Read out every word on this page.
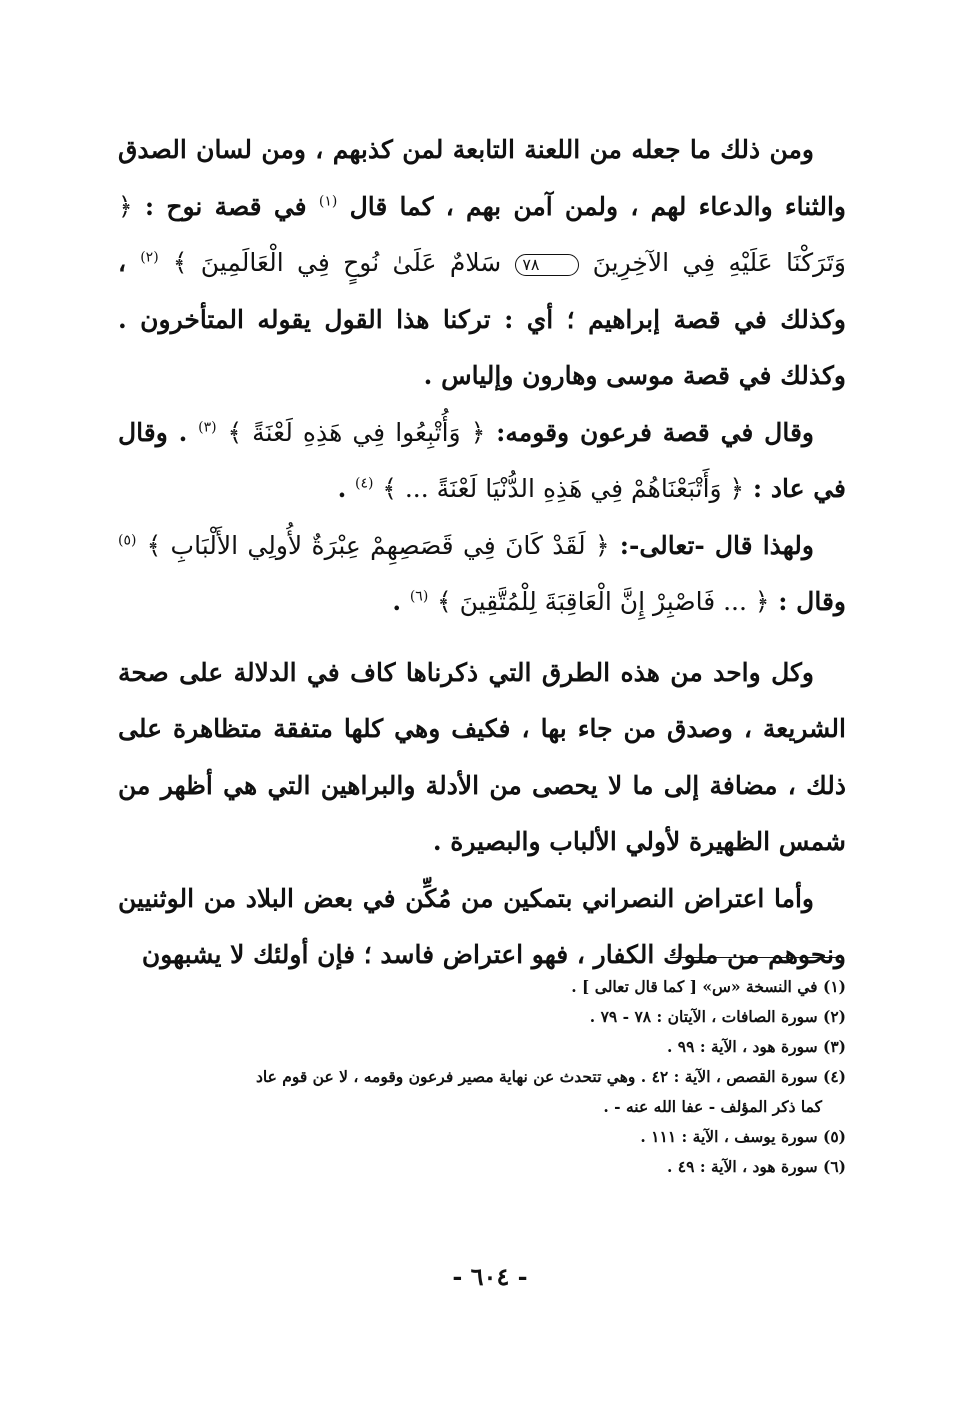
ومن ذلك ما جعله من اللعنة التابعة لمن كذبهم ، ومن لسان الصدق والثناء والدعاء لهم ، ولمن آمن بهم ، كما قال $^{(١)}$ في قصة نوح : ﴿ وَتَرَكْنَا عَلَيْهِ فِي الآخِرِينَ ٧٨ سَلامٌ عَلَىٰ نُوحٍ فِي الْعَالَمِينَ ﴾ $^{(٢)}$ ، وكذلك في قصة إبراهيم ؛ أي : تركنا هذا القول يقوله المتأخرون . وكذلك في قصة موسى وهارون وإلياس .

وقال في قصة فرعون وقومه: ﴿ وَأُتْبِعُوا فِي هَذِهِ لَعْنَةً ﴾ $^{(٣)}$ . وقال في عاد : ﴿ وَأَتْبَعْنَاهُمْ فِي هَذِهِ الدُّنْيَا لَعْنَةً ... ﴾ $^{(٤)}$ .

ولهذا قال -تعالى-: ﴿ لَقَدْ كَانَ فِي قَصَصِهِمْ عِبْرَةٌ لأُولِي الأَلْبَابِ ﴾ $^{(٥)}$ وقال : ﴿ ... فَاصْبِرْ إِنَّ الْعَاقِبَةَ لِلْمُتَّقِينَ ﴾ $^{(٦)}$ .

وكل واحد من هذه الطرق التي ذكرناها كاف في الدلالة على صحة الشريعة ، وصدق من جاء بها ، فكيف وهي كلها متفقة متظاهرة على ذلك ، مضافة إلى ما لا يحصى من الأدلة والبراهين التي هي أظهر من شمس الظهيرة لأولي الألباب والبصيرة .

وأما اعتراض النصراني بتمكين من مُكِّن في بعض البلاد من الوثنيين ونحوهم من ملوك الكفار ، فهو اعتراض فاسد ؛ فإن أولئك لا يشبهون

(١) في النسخة «س» [ كما قال تعالى ] .

(٢) سورة الصافات ، الآيتان : ٧٨ - ٧٩ .

(٣) سورة هود ، الآية : ٩٩ .

(٤) سورة القصص ، الآية : ٤٢ . وهي تتحدث عن نهاية مصير فرعون وقومه ، لا عن قوم عاد

كما ذكر المؤلف - عفا الله عنه - .

(٥) سورة يوسف ، الآية : ١١١ .

(٦) سورة هود ، الآية : ٤٩ .

- ٦٠٤ -
